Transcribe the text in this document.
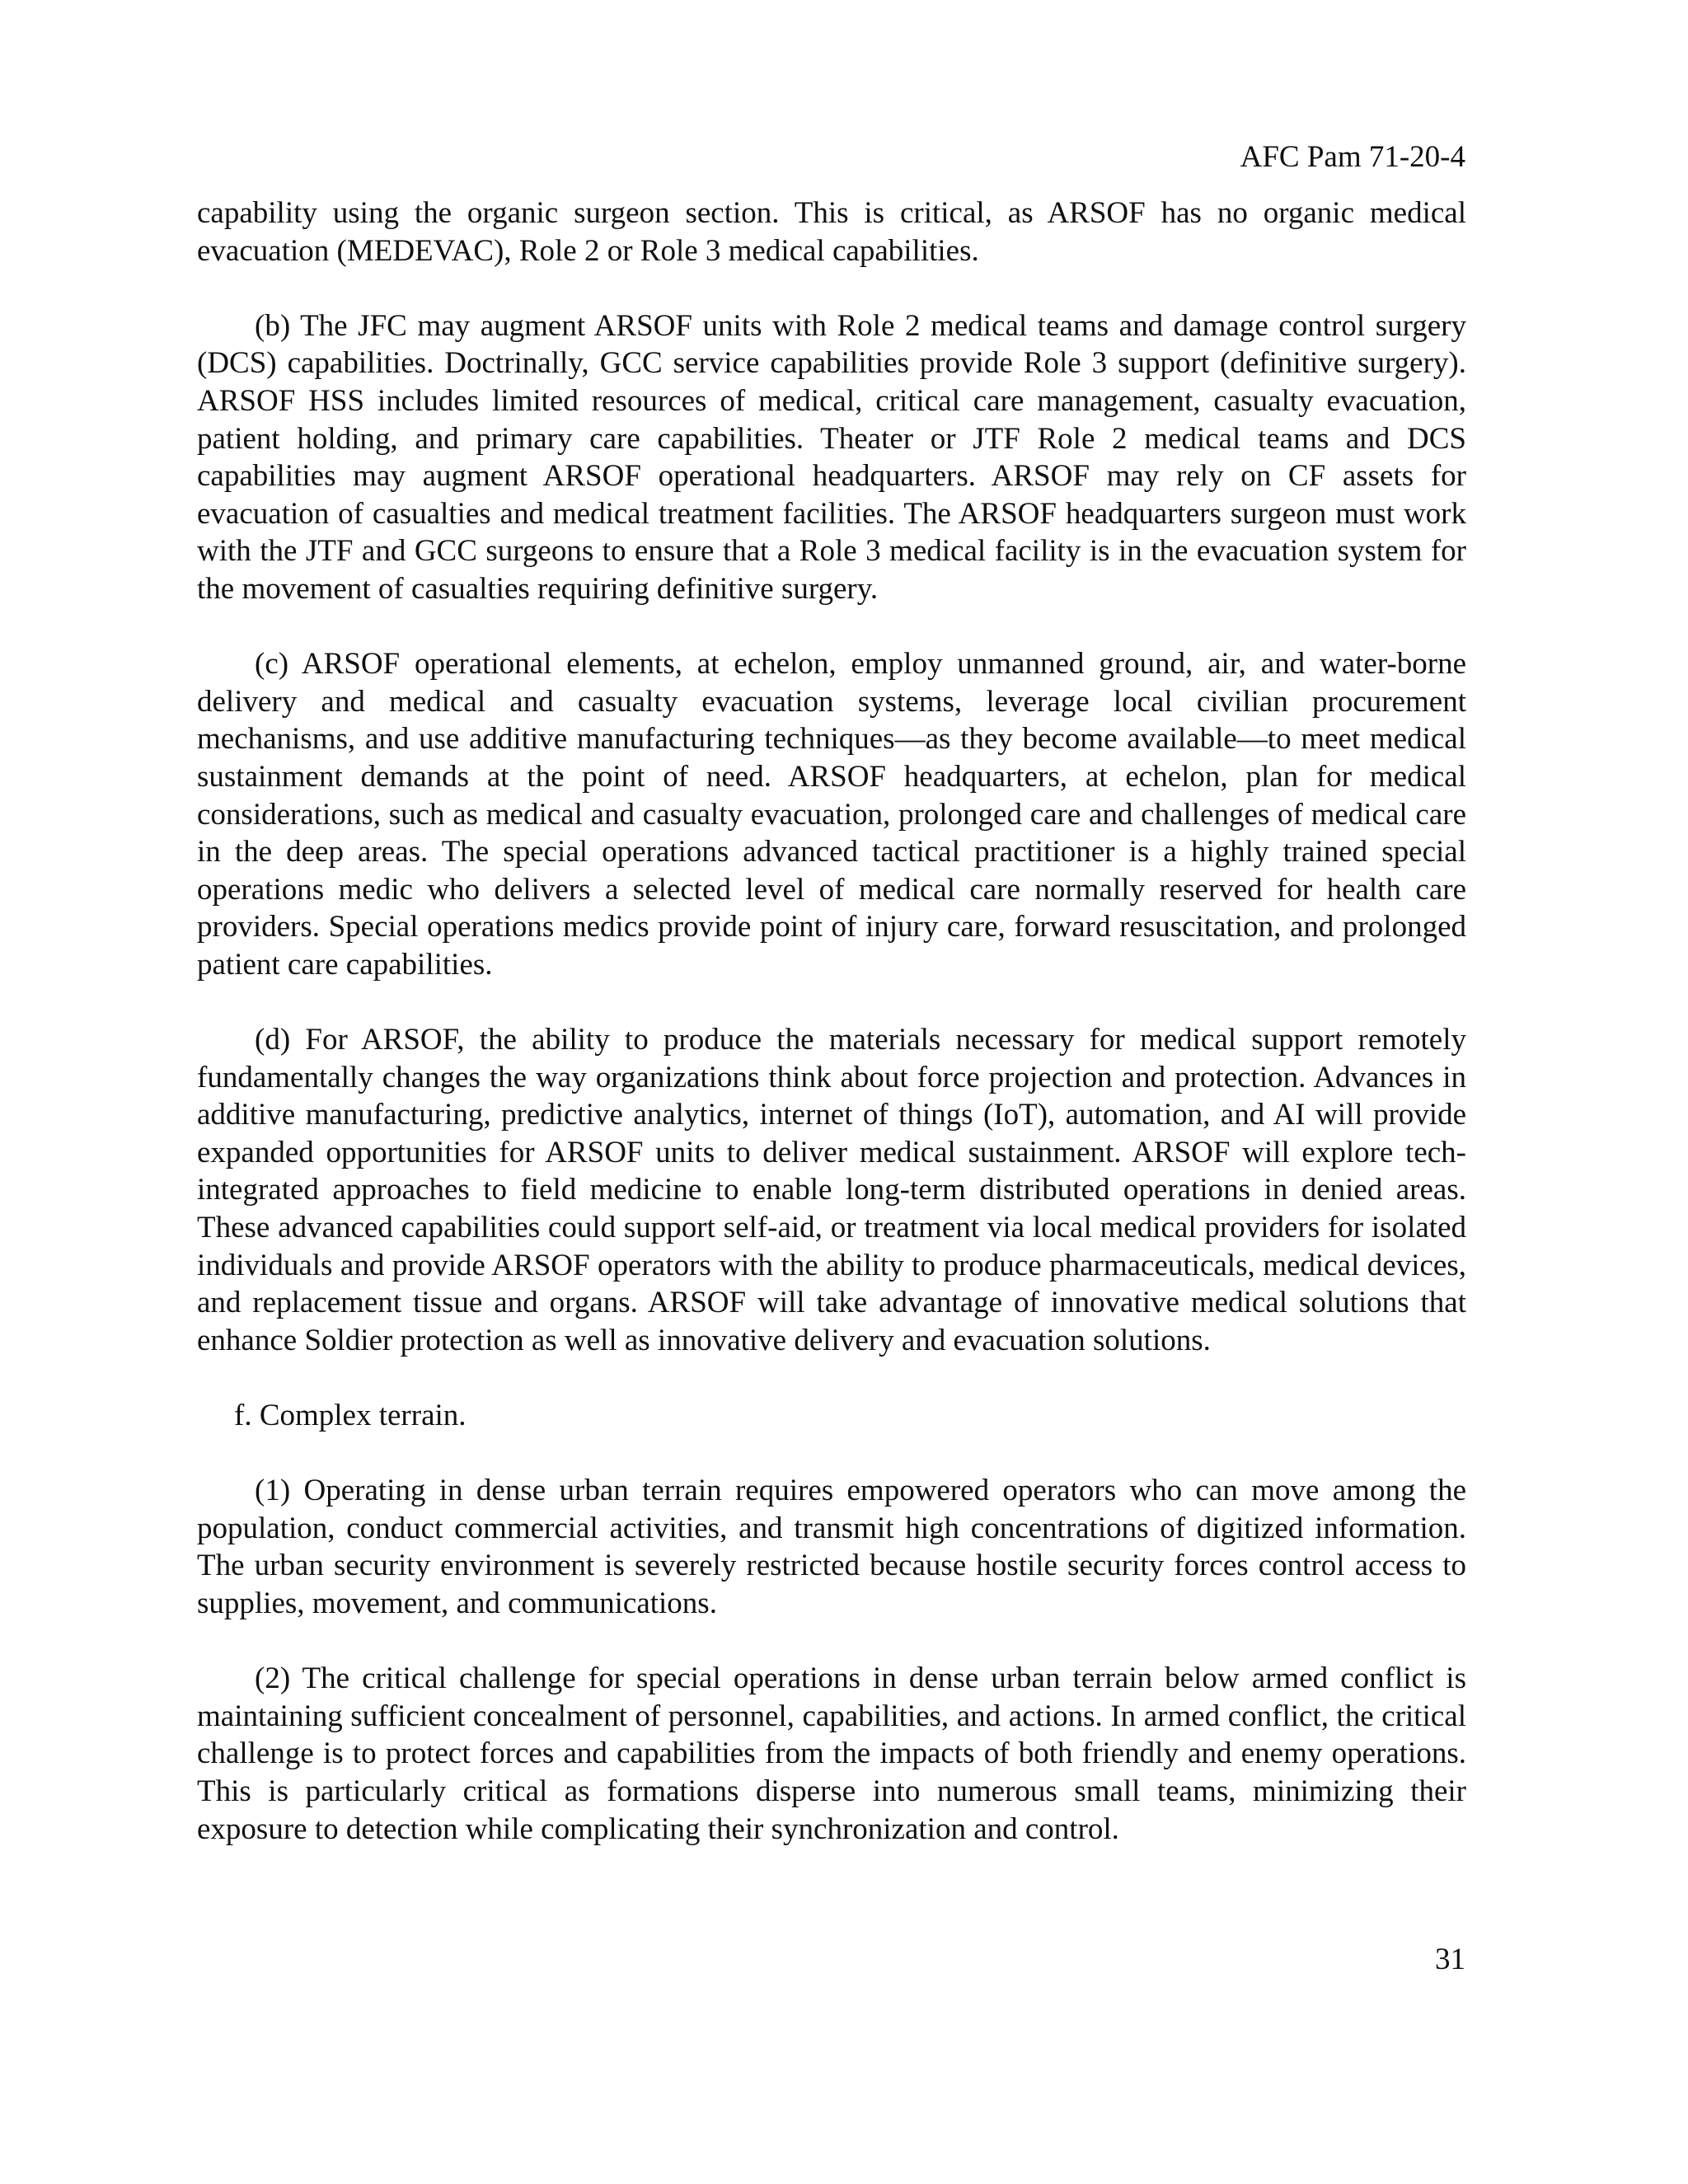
AFC Pam 71-20-4

capability using the organic surgeon section. This is critical, as ARSOF has no organic medical evacuation (MEDEVAC), Role 2 or Role 3 medical capabilities.

(b) The JFC may augment ARSOF units with Role 2 medical teams and damage control surgery (DCS) capabilities. Doctrinally, GCC service capabilities provide Role 3 support (definitive surgery). ARSOF HSS includes limited resources of medical, critical care management, casualty evacuation, patient holding, and primary care capabilities. Theater or JTF Role 2 medical teams and DCS capabilities may augment ARSOF operational headquarters. ARSOF may rely on CF assets for evacuation of casualties and medical treatment facilities. The ARSOF headquarters surgeon must work with the JTF and GCC surgeons to ensure that a Role 3 medical facility is in the evacuation system for the movement of casualties requiring definitive surgery.

(c) ARSOF operational elements, at echelon, employ unmanned ground, air, and water-borne delivery and medical and casualty evacuation systems, leverage local civilian procurement mechanisms, and use additive manufacturing techniques—as they become available—to meet medical sustainment demands at the point of need. ARSOF headquarters, at echelon, plan for medical considerations, such as medical and casualty evacuation, prolonged care and challenges of medical care in the deep areas. The special operations advanced tactical practitioner is a highly trained special operations medic who delivers a selected level of medical care normally reserved for health care providers. Special operations medics provide point of injury care, forward resuscitation, and prolonged patient care capabilities.

(d) For ARSOF, the ability to produce the materials necessary for medical support remotely fundamentally changes the way organizations think about force projection and protection. Advances in additive manufacturing, predictive analytics, internet of things (IoT), automation, and AI will provide expanded opportunities for ARSOF units to deliver medical sustainment. ARSOF will explore tech-integrated approaches to field medicine to enable long-term distributed operations in denied areas. These advanced capabilities could support self-aid, or treatment via local medical providers for isolated individuals and provide ARSOF operators with the ability to produce pharmaceuticals, medical devices, and replacement tissue and organs. ARSOF will take advantage of innovative medical solutions that enhance Soldier protection as well as innovative delivery and evacuation solutions.

f. Complex terrain.

(1) Operating in dense urban terrain requires empowered operators who can move among the population, conduct commercial activities, and transmit high concentrations of digitized information. The urban security environment is severely restricted because hostile security forces control access to supplies, movement, and communications.

(2) The critical challenge for special operations in dense urban terrain below armed conflict is maintaining sufficient concealment of personnel, capabilities, and actions. In armed conflict, the critical challenge is to protect forces and capabilities from the impacts of both friendly and enemy operations. This is particularly critical as formations disperse into numerous small teams, minimizing their exposure to detection while complicating their synchronization and control.

31
